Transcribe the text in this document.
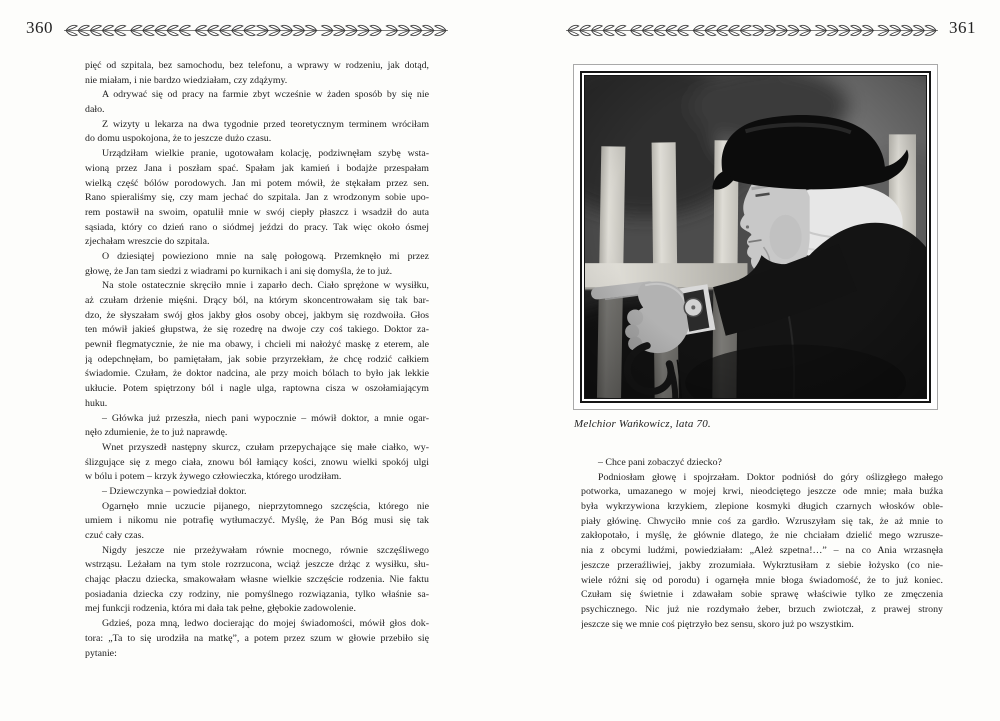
360	361
pięć od szpitala, bez samochodu, bez telefonu, a wprawy w rodzeniu, jak dotąd,
nie miałam, i nie bardzo wiedziałam, czy zdążymy.
A odrywać się od pracy na farmie zbyt wcześnie w żaden sposób by się nie
dało.
Z wizyty u lekarza na dwa tygodnie przed teoretycznym terminem wróciłam
do domu uspokojona, że to jeszcze dużo czasu.
Urządziłam wielkie pranie, ugotowałam kolację, podziwnęłam szybę wsta-
wioną przez Jana i poszłam spać. Spałam jak kamień i bodajże przespałam
wielką część bólów porodowych. Jan mi potem mówił, że stękałam przez sen.
Rano spieraliśmy się, czy mam jechać do szpitala. Jan z wrodzonym sobie upo-
rem postawił na swoim, opatulił mnie w swój ciepły płaszcz i wsadził do auta
sąsiada, który co dzień rano o siódmej jeździ do pracy. Tak więc około ósmej
zjechałam wreszcie do szpitala.
O dziesiątej powieziono mnie na salę połogową. Przemknęło mi przez
głowę, że Jan tam siedzi z wiadrami po kurnikach i ani się domyśla, że to już.
Na stole ostatecznie skręciło mnie i zaparło dech. Ciało sprężone w wysiłku,
aż czułam drżenie mięśni. Drący ból, na którym skoncentrowałam się tak bar-
dzo, że słyszałam swój głos jakby głos osoby obcej, jakbym się rozdwoiła. Głos
ten mówił jakieś głupstwa, że się rozedrę na dwoje czy coś takiego. Doktor za-
pewnił flegmatycznie, że nie ma obawy, i chcieli mi nałożyć maskę z eterem, ale
ją odepchnęłam, bo pamiętałam, jak sobie przyrzekłam, że chcę rodzić całkiem
świadomie. Czułam, że doktor nadcina, ale przy moich bólach to było jak lekkie
ukłucie. Potem spiętrzony ból i nagle ulga, raptowna cisza w oszołamiającym
huku.
– Główka już przeszła, niech pani wypocznie – mówił doktor, a mnie ogar-
nęło zdumienie, że to już naprawdę.
Wnet przyszedł następny skurcz, czułam przepychające się małe ciałko, wy-
ślizgujące się z mego ciała, znowu ból łamiący kości, znowu wielki spokój ulgi
w bólu i potem – krzyk żywego człowieczka, którego urodziłam.
– Dziewczynka – powiedział doktor.
Ogarnęło mnie uczucie pijanego, nieprzytomnego szczęścia, którego nie
umiem i nikomu nie potrafię wytłumaczyć. Myślę, że Pan Bóg musi się tak
czuć cały czas.
Nigdy jeszcze nie przeżywałam równie mocnego, równie szczęśliwego
wstrząsu. Leżałam na tym stole rozrzucona, wciąż jeszcze drżąc z wysiłku, słu-
chając płaczu dziecka, smakowałam własne wielkie szczęście rodzenia. Nie faktu
posiadania dziecka czy rodziny, nie pomyślnego rozwiązania, tylko właśnie sa-
mej funkcji rodzenia, która mi dała tak pełne, głębokie zadowolenie.
Gdzieś, poza mną, ledwo docierając do mojej świadomości, mówił głos dok-
tora: „Ta to się urodziła na matkę”, a potem przez szum w głowie przebiło się
pytanie:
Melchior Wańkowicz, lata 70.
– Chce pani zobaczyć dziecko?
Podniosłam głowę i spojrzałam. Doktor podniósł do góry oślizgłego małego
potworka, umazanego w mojej krwi, nieodciętego jeszcze ode mnie; mała buźka
była wykrzywiona krzykiem, zlepione kosmyki długich czarnych włosków oble-
piały główinę. Chwyciło mnie coś za gardło. Wzruszyłam się tak, że aż mnie to
zakłopotało, i myślę, że głównie dlatego, że nie chciałam dzielić mego wzrusze-
nia z obcymi ludźmi, powiedziałam: „Ależ szpetna!…” – na co Ania wrzasnęła
jeszcze przeraźliwiej, jakby zrozumiała. Wykrztusiłam z siebie łożysko (co nie-
wiele różni się od porodu) i ogarnęła mnie błoga świadomość, że to już koniec.
Czułam się świetnie i zdawałam sobie sprawę właściwie tylko ze zmęczenia
psychicznego. Nic już nie rozdymało żeber, brzuch zwiotczał, z prawej strony
jeszcze się we mnie coś piętrzyło bez sensu, skoro już po wszystkim.
